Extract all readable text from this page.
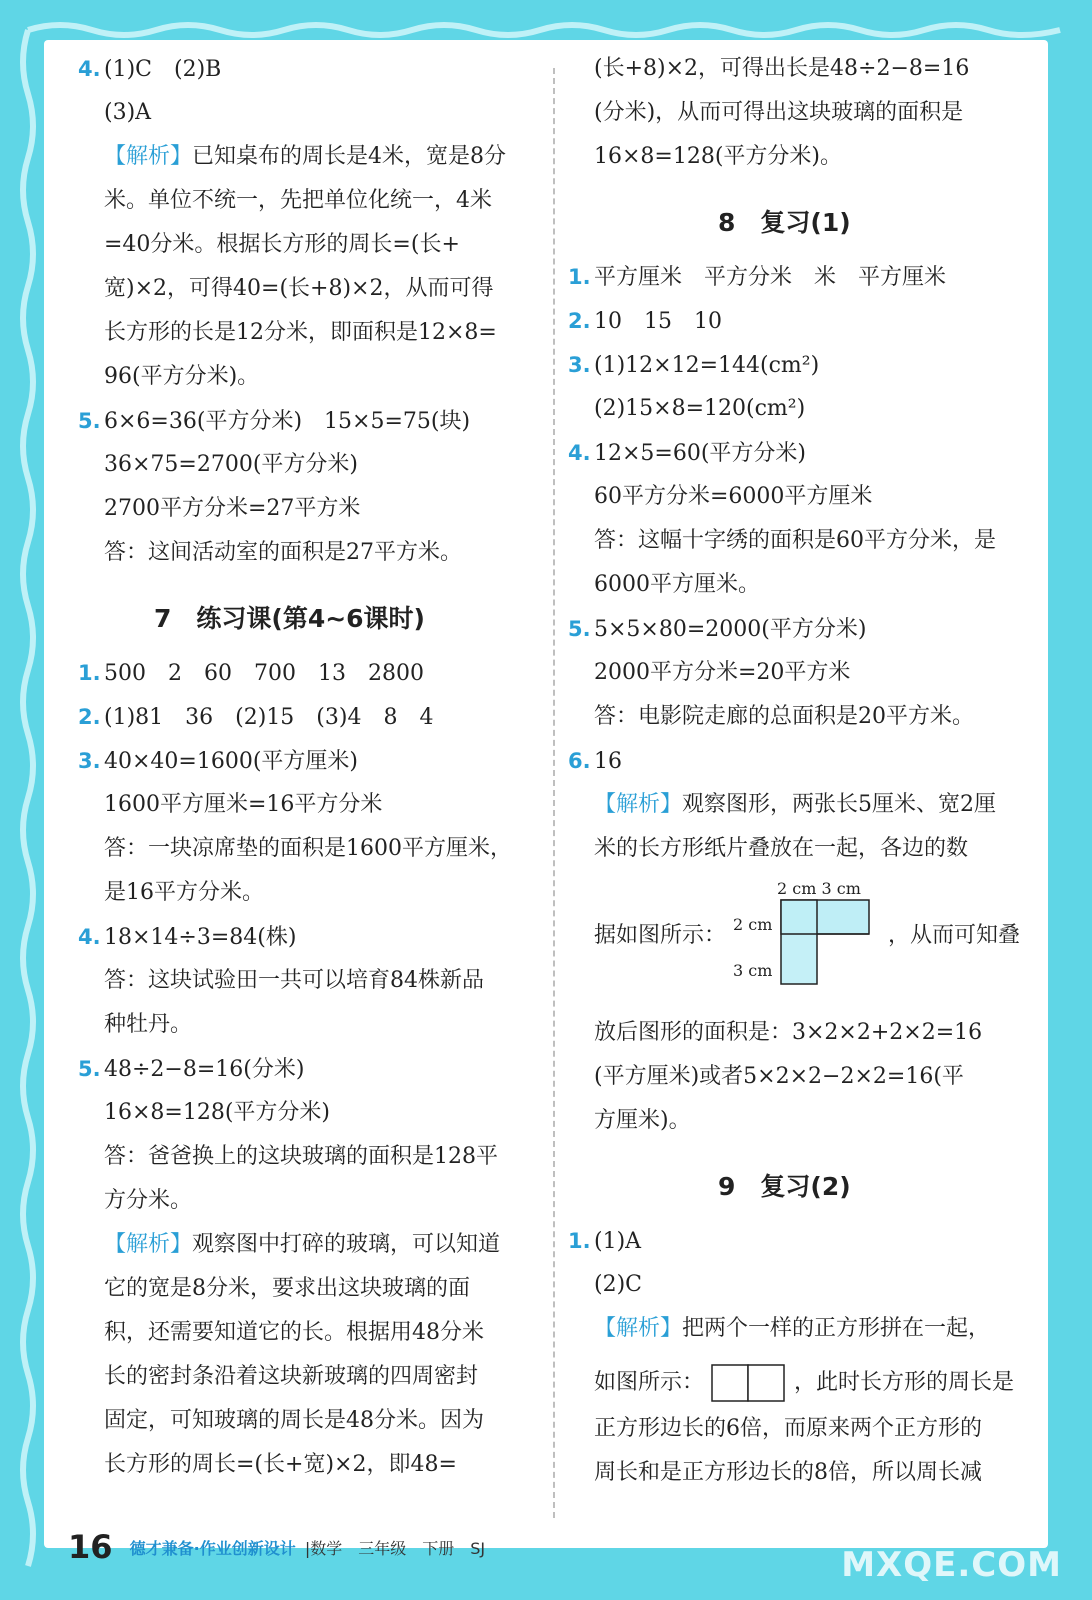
4. (1)C　(2)B
(3)A
【解析】已知桌布的周长是4米，宽是8分
米。单位不统一，先把单位化统一，4米
=40分米。根据长方形的周长=(长+
宽)×2，可得40=(长+8)×2，从而可得
长方形的长是12分米，即面积是12×8=
96(平方分米)。
5. 6×6=36(平方分米)　15×5=75(块)
36×75=2700(平方分米)
2700平方分米=27平方米
答：这间活动室的面积是27平方米。
7　练习课(第4~6课时)
1. 500　2　60　700　13　2800
2. (1)81　36　(2)15　(3)4　8　4
3. 40×40=1600(平方厘米)
1600平方厘米=16平方分米
答：一块凉席垫的面积是1600平方厘米，
是16平方分米。
4. 18×14÷3=84(株)
答：这块试验田一共可以培育84株新品
种牡丹。
5. 48÷2−8=16(分米)
16×8=128(平方分米)
答：爸爸换上的这块玻璃的面积是128平
方分米。
【解析】观察图中打碎的玻璃，可以知道
它的宽是8分米，要求出这块玻璃的面
积，还需要知道它的长。根据用48分米
长的密封条沿着这块新玻璃的四周密封
固定，可知玻璃的周长是48分米。因为
长方形的周长=(长+宽)×2，即48=
(长+8)×2，可得出长是48÷2−8=16
(分米)，从而可得出这块玻璃的面积是
16×8=128(平方分米)。
8　复习(1)
1. 平方厘米　平方分米　米　平方厘米
2. 10　15　10
3. (1)12×12=144(cm²)
(2)15×8=120(cm²)
4. 12×5=60(平方分米)
60平方分米=6000平方厘米
答：这幅十字绣的面积是60平方分米，是
6000平方厘米。
5. 5×5×80=2000(平方分米)
2000平方分米=20平方米
答：电影院走廊的总面积是20平方米。
6. 16
【解析】观察图形，两张长5厘米、宽2厘
米的长方形纸片叠放在一起，各边的数
据如图所示：
2 cm 3 cm
2 cm
3 cm
，从而可知叠
放后图形的面积是：3×2×2+2×2=16
(平方厘米)或者5×2×2−2×2=16(平
方厘米)。
9　复习(2)
1. (1)A
(2)C
【解析】把两个一样的正方形拼在一起，
如图所示：	，此时长方形的周长是
正方形边长的6倍，而原来两个正方形的
周长和是正方形边长的8倍，所以周长减
16 德才兼备·作业创新设计 |数学　三年级　下册　SJ	MXQE.COM
